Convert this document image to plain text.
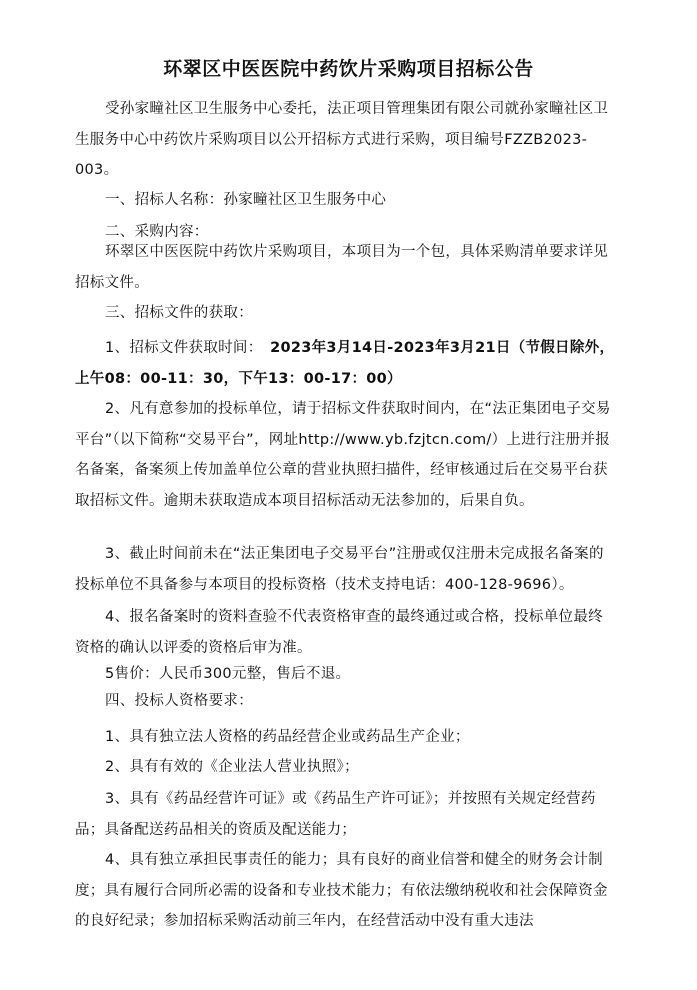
环翠区中医医院中药饮片采购项目招标公告

受孙家疃社区卫生服务中心委托，法正项目管理集团有限公司就孙家疃社区卫生服务中心中药饮片采购项目以公开招标方式进行采购，项目编号FZZB2023-003。

一、招标人名称：孙家疃社区卫生服务中心

二、采购内容：

环翠区中医医院中药饮片采购项目，本项目为一个包，具体采购清单要求详见招标文件。

三、招标文件的获取：

1、招标文件获取时间：　2023年3月14日-2023年3月21日（节假日除外，上午08：00-11：30，下午13：00-17：00）

2、凡有意参加的投标单位，请于招标文件获取时间内，在“法正集团电子交易平台”（以下简称“交易平台”，网址http://www.yb.fzjtcn.com/）上进行注册并报名备案，备案须上传加盖单位公章的营业执照扫描件，经审核通过后在交易平台获取招标文件。逾期未获取造成本项目招标活动无法参加的，后果自负。

3、截止时间前未在“法正集团电子交易平台”注册或仅注册未完成报名备案的投标单位不具备参与本项目的投标资格（技术支持电话：400-128-9696）。

4、报名备案时的资料查验不代表资格审查的最终通过或合格，投标单位最终资格的确认以评委的资格后审为准。

5售价：人民币300元整，售后不退。

四、投标人资格要求：

1、具有独立法人资格的药品经营企业或药品生产企业；

2、具有有效的《企业法人营业执照》；

3、具有《药品经营许可证》或《药品生产许可证》；并按照有关规定经营药品；具备配送药品相关的资质及配送能力；

4、具有独立承担民事责任的能力；具有良好的商业信誉和健全的财务会计制度；具有履行合同所必需的设备和专业技术能力；有依法缴纳税收和社会保障资金的良好纪录；参加招标采购活动前三年内，在经营活动中没有重大违法
